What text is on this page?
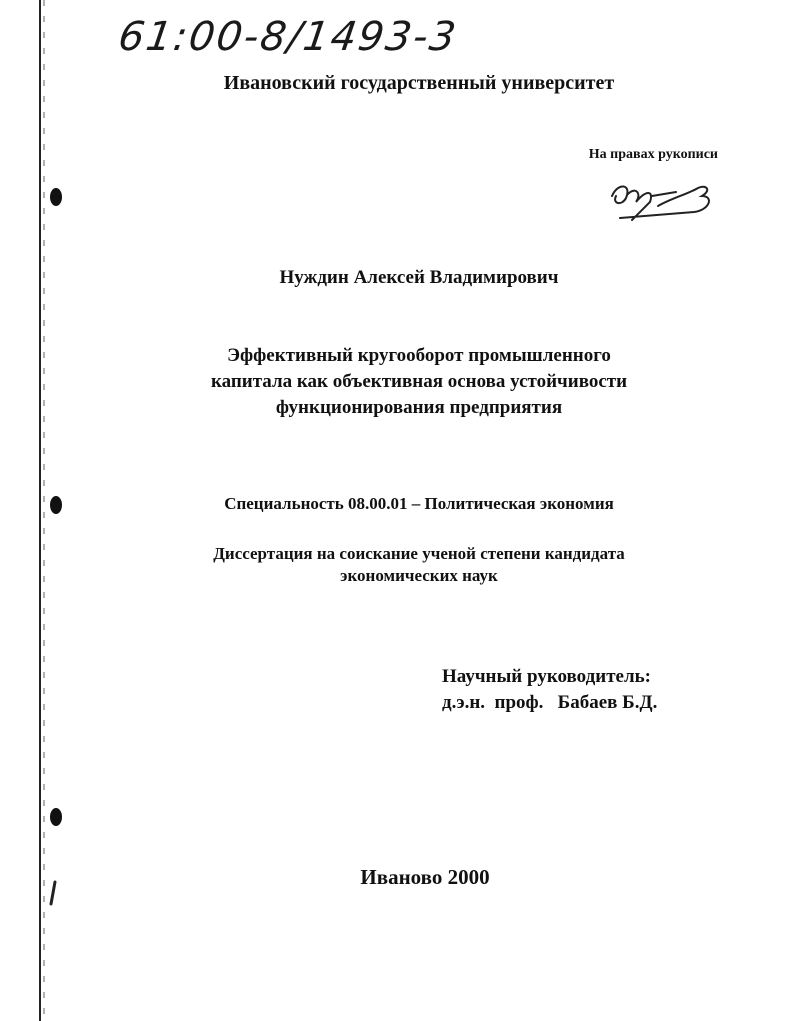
61:00-8/1493-3
Ивановский государственный университет
На правах рукописи
Нуждин Алексей Владимирович
Эффективный кругооборот промышленного
капитала как объективная основа устойчивости
функционирования предприятия
Специальность 08.00.01 – Политическая экономия
Диссертация на соискание ученой степени кандидата
экономических наук
Научный руководитель:
д.э.н.  проф.   Бабаев Б.Д.
Иваново 2000
